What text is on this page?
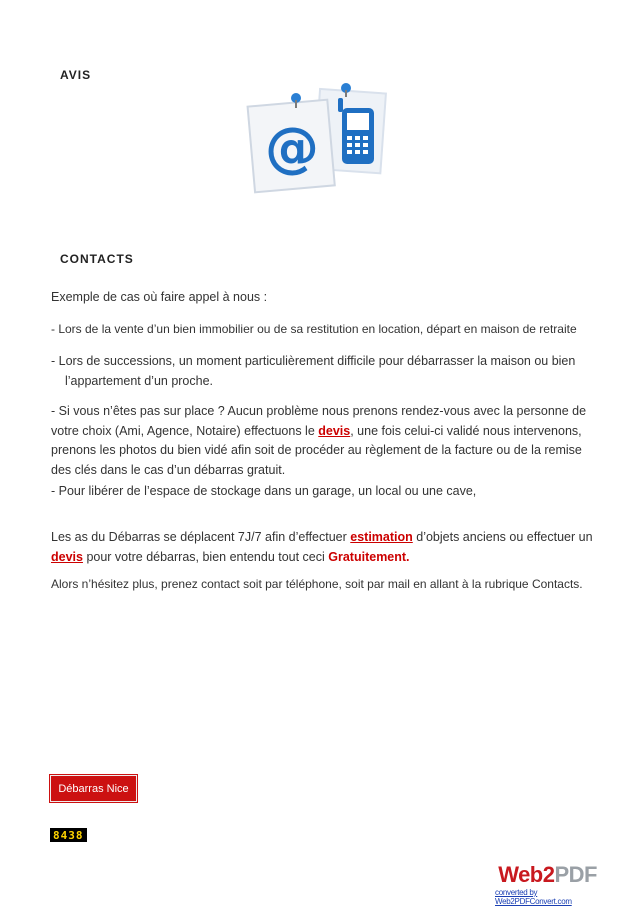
AVIS
@
CONTACTS

Exemple de cas où faire appel à nous :

- Lors de la vente d’un bien immobilier ou de sa restitution en location, départ en maison de retraite

- Lors de successions, un moment particulièrement difficile pour débarrasser la maison ou bien
l’appartement d’un proche.

- Si vous n’êtes pas sur place ? Aucun problème nous prenons rendez-vous avec la personne de votre choix (Ami, Agence, Notaire) effectuons le devis, une fois celui-ci validé nous intervenons, prenons les photos du bien vidé afin soit de procéder au règlement de la facture ou de la remise des clés dans le cas d’un débarras gratuit.

- Pour libérer de l’espace de stockage dans un garage, un local ou une cave,

Les as du Débarras se déplacent 7J/7 afin d’effectuer estimation d’objets anciens ou effectuer un devis pour votre débarras, bien entendu tout ceci Gratuitement.

Alors n’hésitez plus, prenez contact soit par téléphone, soit par mail en allant à la rubrique Contacts.

Débarras Nice
8438
Web2PDF
converted by Web2PDFConvert.com
